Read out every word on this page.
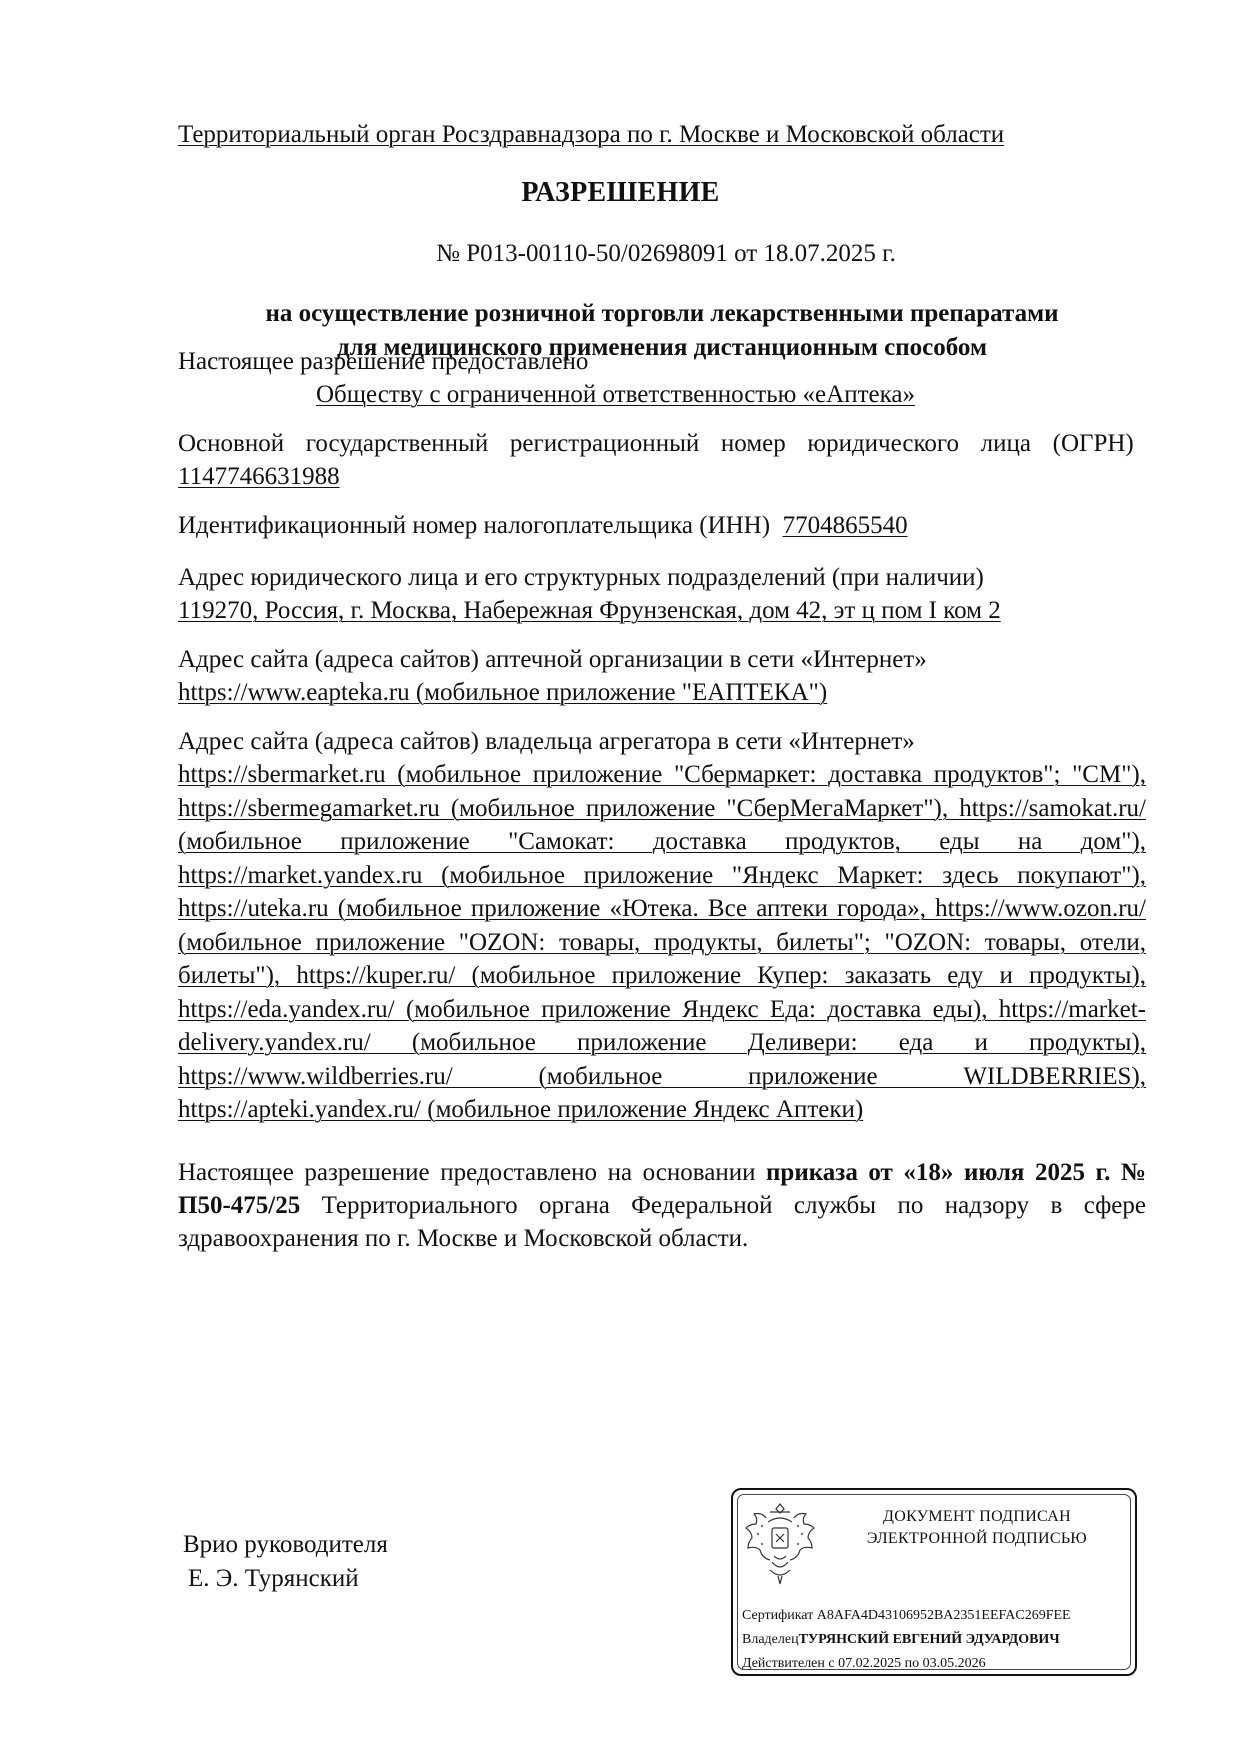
Территориальный орган Росздравнадзора по г. Москве и Московской области
РАЗРЕШЕНИЕ
№ Р013-00110-50/02698091 от 18.07.2025 г.
на осуществление розничной торговли лекарственными препаратами
для медицинского применения дистанционным способом
Настоящее разрешение предоставлено
Обществу с ограниченной ответственностью «еАптека»

Основной государственный регистрационный номер юридического лица (ОГРН)  1147746631988

Идентификационный номер налогоплательщика (ИНН) 7704865540
Адрес юридического лица и его структурных подразделений (при наличии)
119270, Россия, г. Москва, Набережная Фрунзенская, дом 42, эт ц пом I ком 2
Адрес сайта (адреса сайтов) аптечной организации в сети «Интернет»
https://www.eapteka.ru (мобильное приложение "ЕАПТЕКА")
Адрес сайта (адреса сайтов) владельца агрегатора в сети «Интернет»
https://sbermarket.ru (мобильное приложение "Сбермаркет: доставка продуктов"; "СМ"), https://sbermegamarket.ru (мобильное приложение "СберМегаМаркет"), https://samokat.ru/ (мобильное приложение "Самокат: доставка продуктов, еды на дом"), https://market.yandex.ru (мобильное приложение "Яндекс Маркет: здесь покупают"), https://uteka.ru (мобильное приложение «Ютека. Все аптеки города», https://www.ozon.ru/ (мобильное приложение "OZON: товары, продукты, билеты"; "OZON: товары, отели, билеты"), https://kuper.ru/ (мобильное приложение Купер: заказать еду и продукты), https://eda.yandex.ru/ (мобильное приложение Яндекс Еда: доставка еды), https://market-delivery.yandex.ru/ (мобильное приложение Деливери: еда и продукты), https://www.wildberries.ru/ (мобильное приложение WILDBERRIES), https://apteki.yandex.ru/ (мобильное приложение Яндекс Аптеки)
Настоящее разрешение предоставлено на основании приказа от «18» июля 2025 г. № П50-475/25 Территориального органа Федеральной службы по надзору в сфере здравоохранения по г. Москве и Московской области.
Врио руководителя
Е. Э. Турянский
ДОКУМЕНТ ПОДПИСАН
ЭЛЕКТРОННОЙ ПОДПИСЬЮ
Сертификат A8AFA4D43106952BA2351EEFAC269FEE
ВладелецТУРЯНСКИЙ ЕВГЕНИЙ ЭДУАРДОВИЧ
Действителен с 07.02.2025 по 03.05.2026
